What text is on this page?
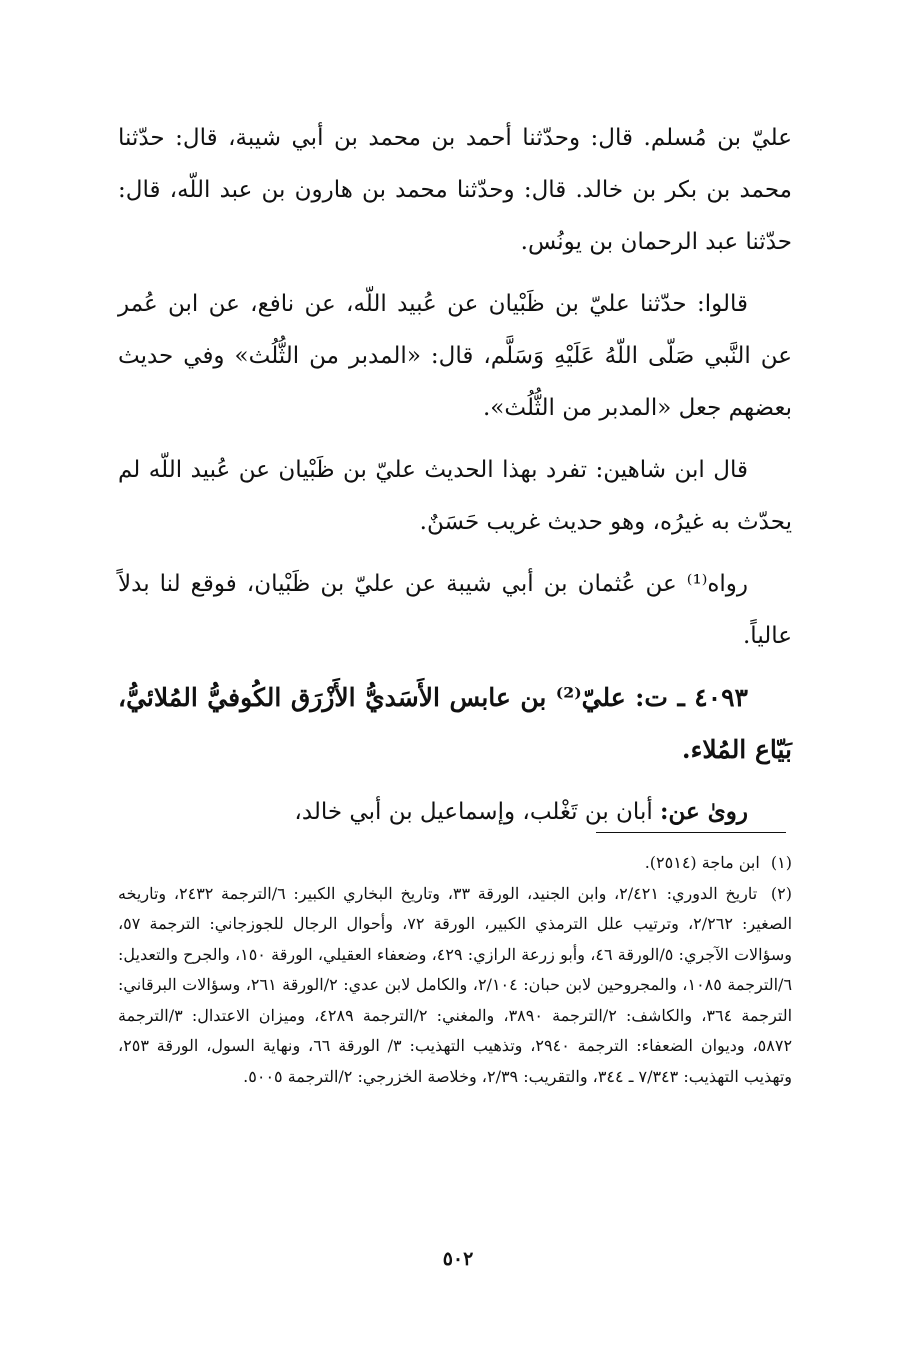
عليّ بن مُسلم. قال: وحدّثنا أحمد بن محمد بن أبي شيبة، قال: حدّثنا محمد بن بكر بن خالد. قال: وحدّثنا محمد بن هارون بن عبد اللّه، قال: حدّثنا عبد الرحمان بن يونُس.

قالوا: حدّثنا عليّ بن ظَبْيان عن عُبيد اللّه، عن نافع، عن ابن عُمر عن النَّبي صَلّى اللّهُ عَلَيْهِ وَسَلَّم، قال: «المدبر من الثُّلُث» وفي حديث بعضهم جعل «المدبر من الثُّلُث».

قال ابن شاهين: تفرد بهذا الحديث عليّ بن ظَبْيان عن عُبيد اللّه لم يحدّث به غيرُه، وهو حديث غريب حَسَنٌ.

رواه⁽¹⁾ عن عُثمان بن أبي شيبة عن عليّ بن ظَبْيان، فوقع لنا بدلاً عالياً.

٤٠٩٣ ـ ت: عليّ⁽²⁾ بن عابس الأَسَديُّ الأَزْرَق الكُوفيُّ المُلائيُّ، بَيّاع المُلاء.

روىٰ عن: أبان بن تَغْلب، وإسماعيل بن أبي خالد،

(١) ابن ماجة (٢٥١٤).

(٢) تاريخ الدوري: ٢/٤٢١، وابن الجنيد، الورقة ٣٣، وتاريخ البخاري الكبير: ٦/الترجمة ٢٤٣٢، وتاريخه الصغير: ٢/٢٦٢، وترتيب علل الترمذي الكبير، الورقة ٧٢، وأحوال الرجال للجوزجاني: الترجمة ٥٧، وسؤالات الآجري: ٥/الورقة ٤٦، وأبو زرعة الرازي: ٤٢٩، وضعفاء العقيلي، الورقة ١٥٠، والجرح والتعديل: ٦/الترجمة ١٠٨٥، والمجروحين لابن حبان: ٢/١٠٤، والكامل لابن عدي: ٢/الورقة ٢٦١، وسؤالات البرقاني: الترجمة ٣٦٤، والكاشف: ٢/الترجمة ٣٨٩٠، والمغني: ٢/الترجمة ٤٢٨٩، وميزان الاعتدال: ٣/الترجمة ٥٨٧٢، وديوان الضعفاء: الترجمة ٢٩٤٠، وتذهيب التهذيب: ٣/ الورقة ٦٦، ونهاية السول، الورقة ٢٥٣، وتهذيب التهذيب: ٧/٣٤٣ ـ ٣٤٤، والتقريب: ٢/٣٩، وخلاصة الخزرجي: ٢/الترجمة ٥٠٠٥.

٥٠٢
